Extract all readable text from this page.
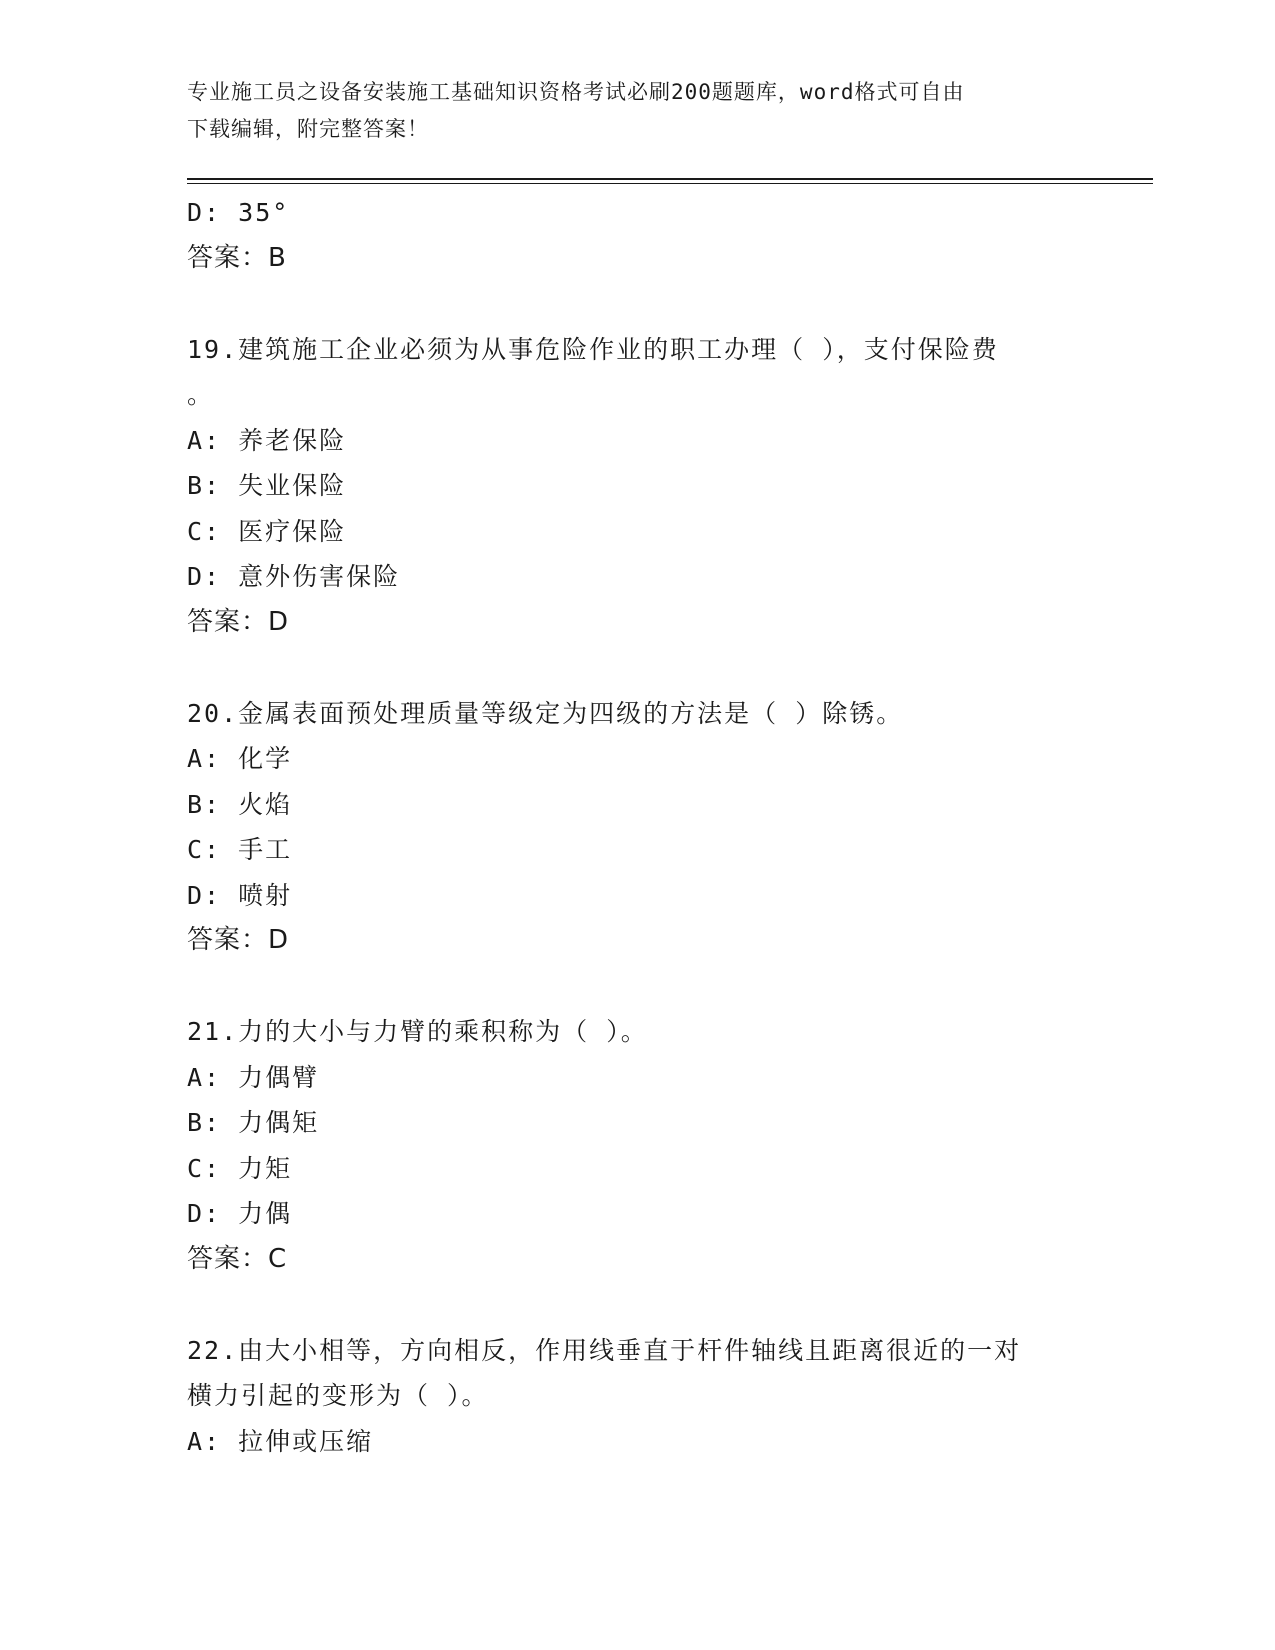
专业施工员之设备安装施工基础知识资格考试必刷200题题库，word格式可自由
下载编辑，附完整答案！
D: 35°
答案：B
19.建筑施工企业必须为从事危险作业的职工办理（ ），支付保险费
。
A: 养老保险
B: 失业保险
C: 医疗保险
D: 意外伤害保险
答案：D
20.金属表面预处理质量等级定为四级的方法是（ ）除锈。
A: 化学
B: 火焰
C: 手工
D: 喷射
答案：D
21.力的大小与力臂的乘积称为（ ）。
A: 力偶臂
B: 力偶矩
C: 力矩
D: 力偶
答案：C
22.由大小相等，方向相反，作用线垂直于杆件轴线且距离很近的一对
横力引起的变形为（ ）。
A: 拉伸或压缩
